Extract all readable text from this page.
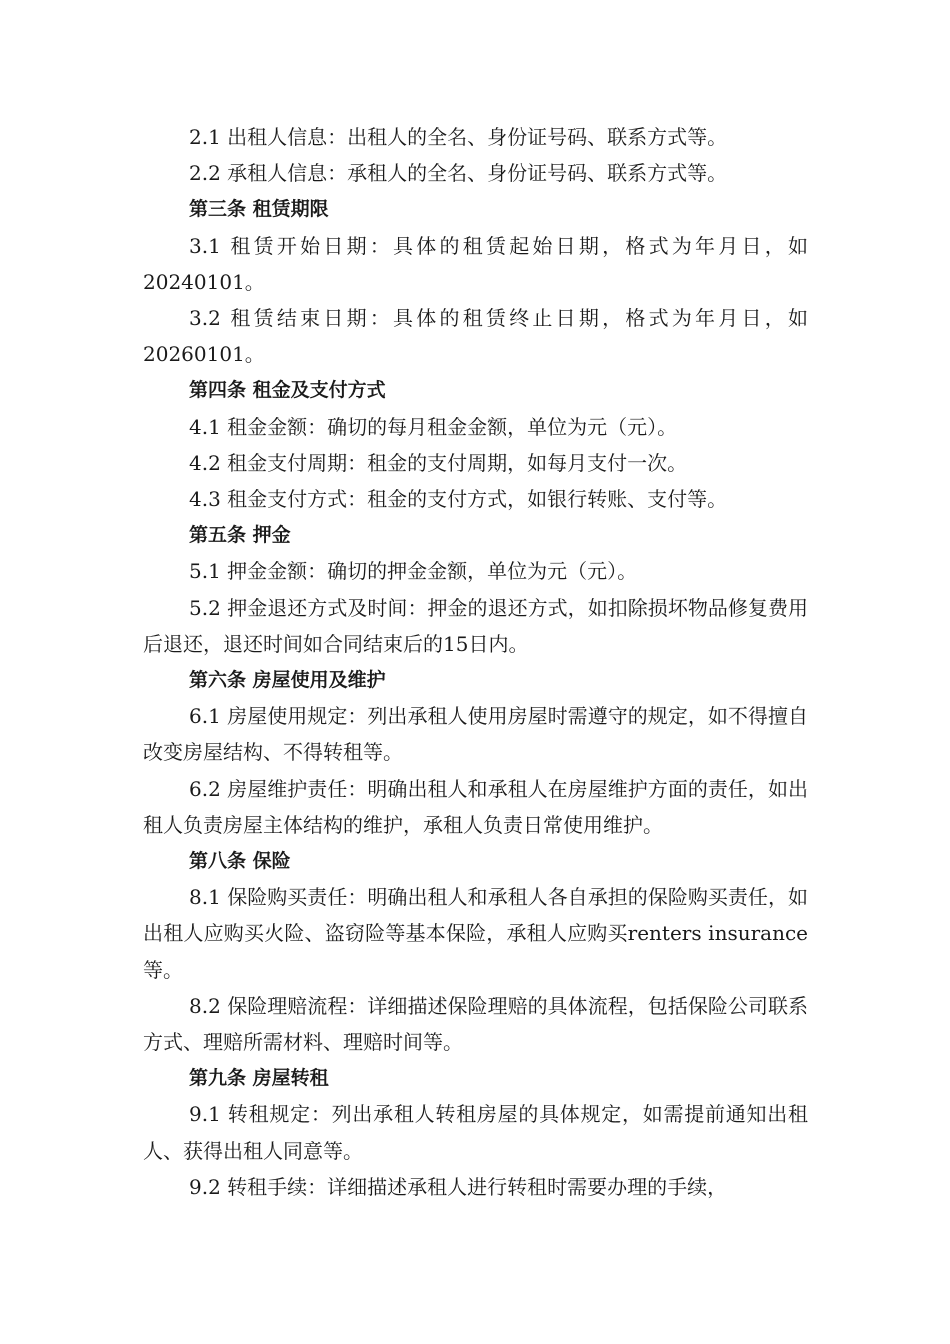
2.1 出租人信息：出租人的全名、身份证号码、联系方式等。

2.2 承租人信息：承租人的全名、身份证号码、联系方式等。

第三条 租赁期限

3.1 租赁开始日期：具体的租赁起始日期，格式为年月日，如20240101。

3.2 租赁结束日期：具体的租赁终止日期，格式为年月日，如20260101。

第四条 租金及支付方式

4.1 租金金额：确切的每月租金金额，单位为元（元）。

4.2 租金支付周期：租金的支付周期，如每月支付一次。

4.3 租金支付方式：租金的支付方式，如银行转账、支付等。

第五条 押金

5.1 押金金额：确切的押金金额，单位为元（元）。

5.2 押金退还方式及时间：押金的退还方式，如扣除损坏物品修复费用后退还，退还时间如合同结束后的15日内。

第六条 房屋使用及维护

6.1 房屋使用规定：列出承租人使用房屋时需遵守的规定，如不得擅自改变房屋结构、不得转租等。

6.2 房屋维护责任：明确出租人和承租人在房屋维护方面的责任，如出租人负责房屋主体结构的维护，承租人负责日常使用维护。

第八条 保险

8.1 保险购买责任：明确出租人和承租人各自承担的保险购买责任，如出租人应购买火险、盗窃险等基本保险，承租人应购买renters insurance 等。

8.2 保险理赔流程：详细描述保险理赔的具体流程，包括保险公司联系方式、理赔所需材料、理赔时间等。

第九条 房屋转租

9.1 转租规定：列出承租人转租房屋的具体规定，如需提前通知出租人、获得出租人同意等。

9.2 转租手续：详细描述承租人进行转租时需要办理的手续，
